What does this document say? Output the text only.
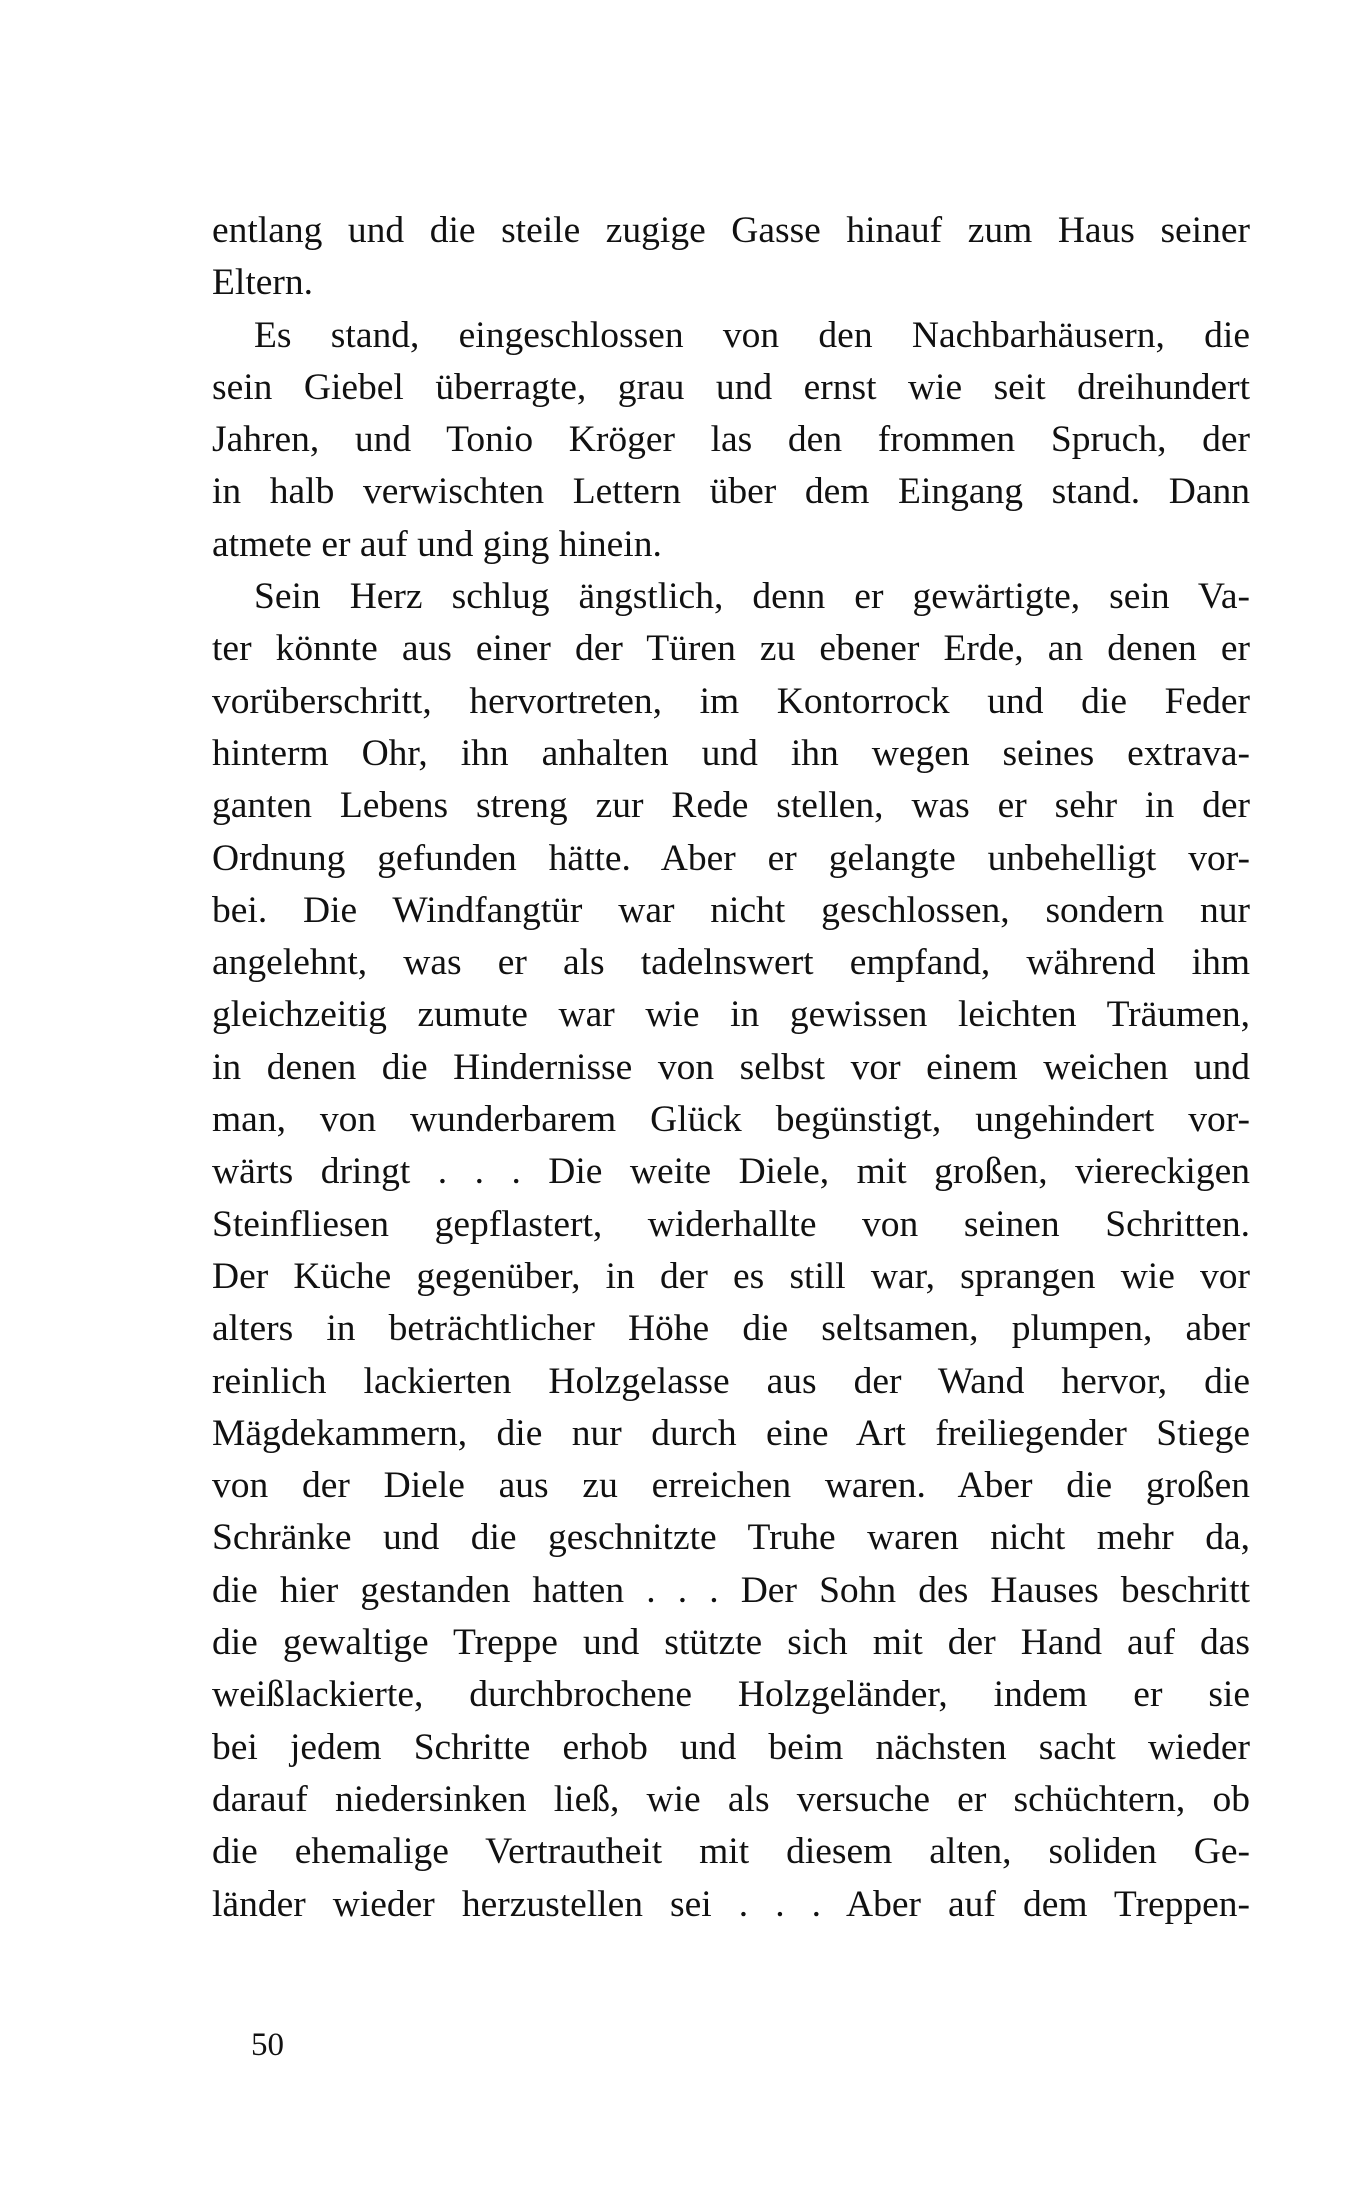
entlang und die steile zugige Gasse hinauf zum Haus seiner
Eltern.
Es stand, eingeschlossen von den Nachbarhäusern, die
sein Giebel überragte, grau und ernst wie seit dreihundert
Jahren, und Tonio Kröger las den frommen Spruch, der
in halb verwischten Lettern über dem Eingang stand. Dann
atmete er auf und ging hinein.
Sein Herz schlug ängstlich, denn er gewärtigte, sein Va-
ter könnte aus einer der Türen zu ebener Erde, an denen er
vorüberschritt, hervortreten, im Kontorrock und die Feder
hinterm Ohr, ihn anhalten und ihn wegen seines extrava-
ganten Lebens streng zur Rede stellen, was er sehr in der
Ordnung gefunden hätte. Aber er gelangte unbehelligt vor-
bei. Die Windfangtür war nicht geschlossen, sondern nur
angelehnt, was er als tadelnswert empfand, während ihm
gleichzeitig zumute war wie in gewissen leichten Träumen,
in denen die Hindernisse von selbst vor einem weichen und
man, von wunderbarem Glück begünstigt, ungehindert vor-
wärts dringt . . . Die weite Diele, mit großen, viereckigen
Steinfliesen gepflastert, widerhallte von seinen Schritten.
Der Küche gegenüber, in der es still war, sprangen wie vor
alters in beträchtlicher Höhe die seltsamen, plumpen, aber
reinlich lackierten Holzgelasse aus der Wand hervor, die
Mägdekammern, die nur durch eine Art freiliegender Stiege
von der Diele aus zu erreichen waren. Aber die großen
Schränke und die geschnitzte Truhe waren nicht mehr da,
die hier gestanden hatten . . . Der Sohn des Hauses beschritt
die gewaltige Treppe und stützte sich mit der Hand auf das
weißlackierte, durchbrochene Holzgeländer, indem er sie
bei jedem Schritte erhob und beim nächsten sacht wieder
darauf niedersinken ließ, wie als versuche er schüchtern, ob
die ehemalige Vertrautheit mit diesem alten, soliden Ge-
länder wieder herzustellen sei . . . Aber auf dem Treppen-
50
